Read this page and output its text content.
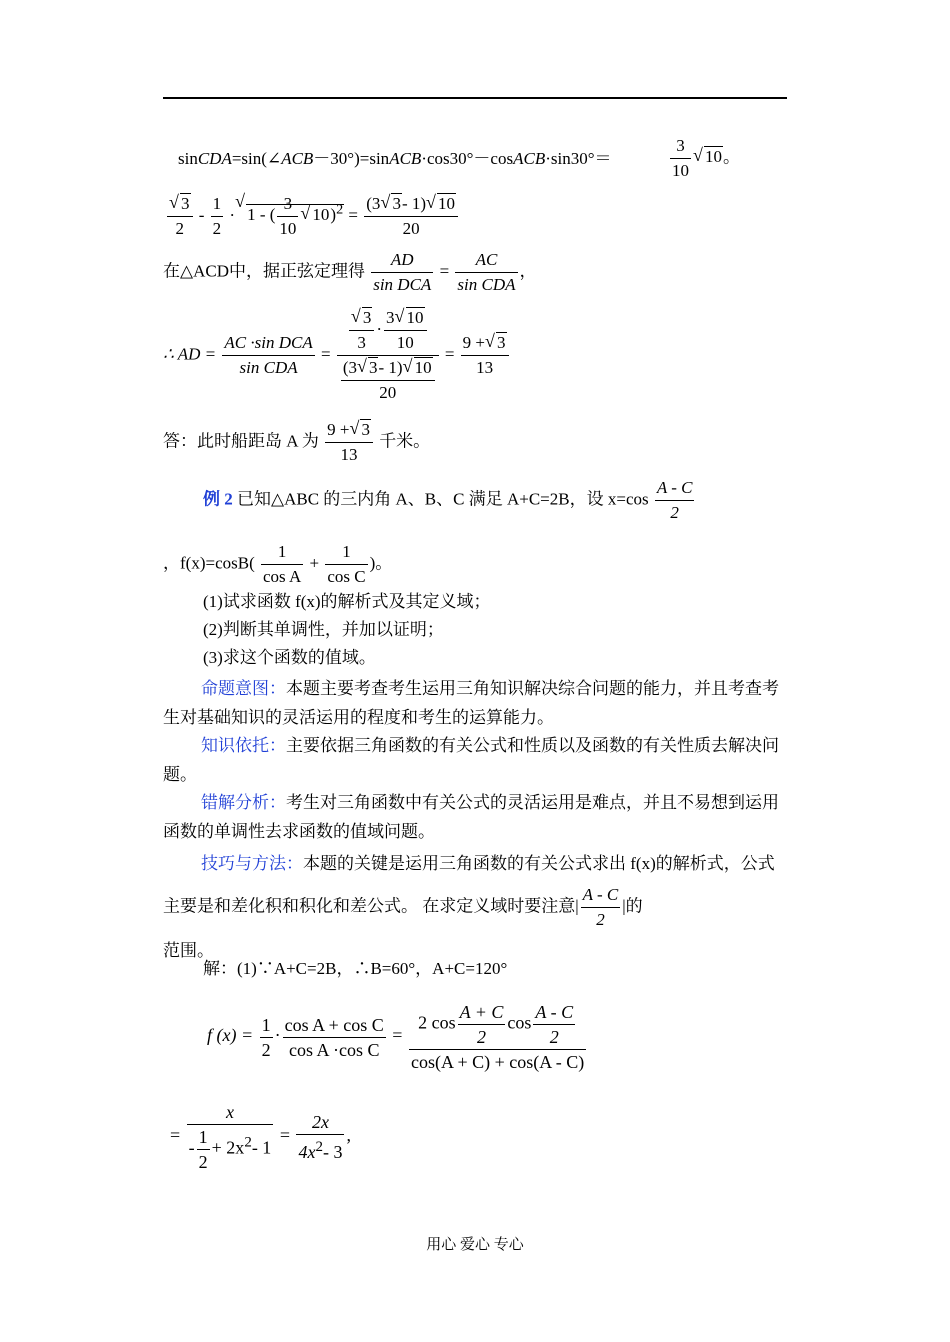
sinCDA=sin(∠ACB－30°)=sinACB·cos30°－cosACB·sin30°＝	$\frac{3}{10}$ √ 10。
√ $\frac{3}{2} - \frac{1}{2}$ · √ 1 - ( $\frac{3}{10}$ √ $10)^2 = \frac{(3 √ 3- 1) √ 10}{20}$
在△ACD中，据正弦定理得
AD
sin DCA
=
AC
sin CDA
，
∴ AD =
AC ·sin DCA
sin CDA
= √ $\frac{\frac{3}{3} \cdot \frac{3 √ 10}{10}}{\frac{(3 √ 3- 1) √ 10}{20}} = \frac{9 + √ 3}{13}$
答：此时船距岛 A 为 $\frac{9 + √ 3}{13}$ 千米。
例 2 已知△ABC 的三内角 A、B、C 满足 A+C=2B，设 $x=\cos \frac{A - C}{2}$
，$f(x)=\cos B( \frac{1}{\text{cos A}} + \frac{1}{\text{cos C}}$ )。
(1)试求函数 f(x)的解析式及其定义域；
(2)判断其单调性，并加以证明；
(3)求这个函数的值域。
命题意图：本题主要考查考生运用三角知识解决综合问题的能力，并且考查考生对基础知识的灵活运用的程度和考生的运算能力。
知识依托：主要依据三角函数的有关公式和性质以及函数的有关性质去解决问题。
错解分析：考生对三角函数中有关公式的灵活运用是难点，并且不易想到运用函数的单调性去求函数的值域问题。
技巧与方法：本题的关键是运用三角函数的有关公式求出 f(x)的解析式，公式主要是和差化积和积化和差公式。 在求定义域时要注意| $\frac{A - C}{2}$ |的
范围。
解：(1)∵A+C=2B，∴B=60°，A+C=120°
f $(x) = \frac{1}{2} \cdot \frac{\text{cos A + cos C}}{\text{cos A ·cos C}} = \frac{2 \cos \frac{A + C}{2} \cos \frac{A - C}{2}}{\cos(A + C) + \cos(A - C)}$
= $\frac{x}{- \frac{1}{2} + 2x^2- 1} = \frac{2x}{4x^2- 3}$ ,
用心 爱心 专心
